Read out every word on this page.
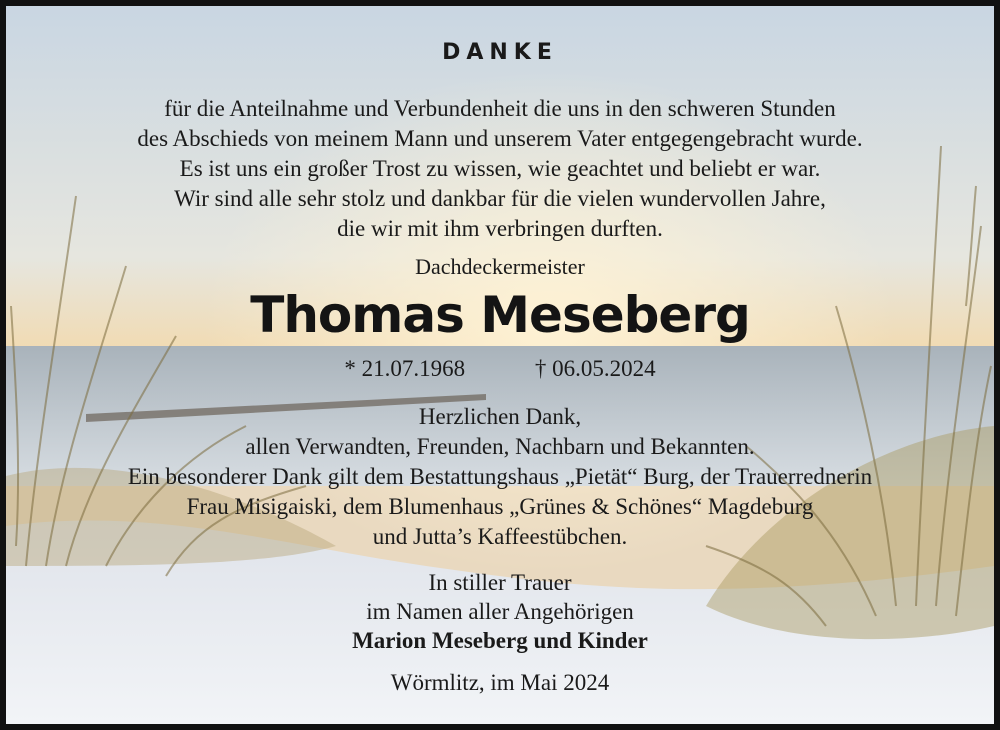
DANKE
für die Anteilnahme und Verbundenheit die uns in den schweren Stunden
des Abschieds von meinem Mann und unserem Vater entgegengebracht wurde.
Es ist uns ein großer Trost zu wissen, wie geachtet und beliebt er war.
Wir sind alle sehr stolz und dankbar für die vielen wundervollen Jahre,
die wir mit ihm verbringen durften.
Dachdeckermeister
Thomas Meseberg
* 21.07.1968	† 06.05.2024
Herzlichen Dank,
allen Verwandten, Freunden, Nachbarn und Bekannten.
Ein besonderer Dank gilt dem Bestattungshaus „Pietät“ Burg, der Trauerrednerin
Frau Misigaiski, dem Blumenhaus „Grünes & Schönes“ Magdeburg
und Jutta’s Kaffeestübchen.
In stiller Trauer
im Namen aller Angehörigen
Marion Meseberg und Kinder
Wörmlitz, im Mai 2024
